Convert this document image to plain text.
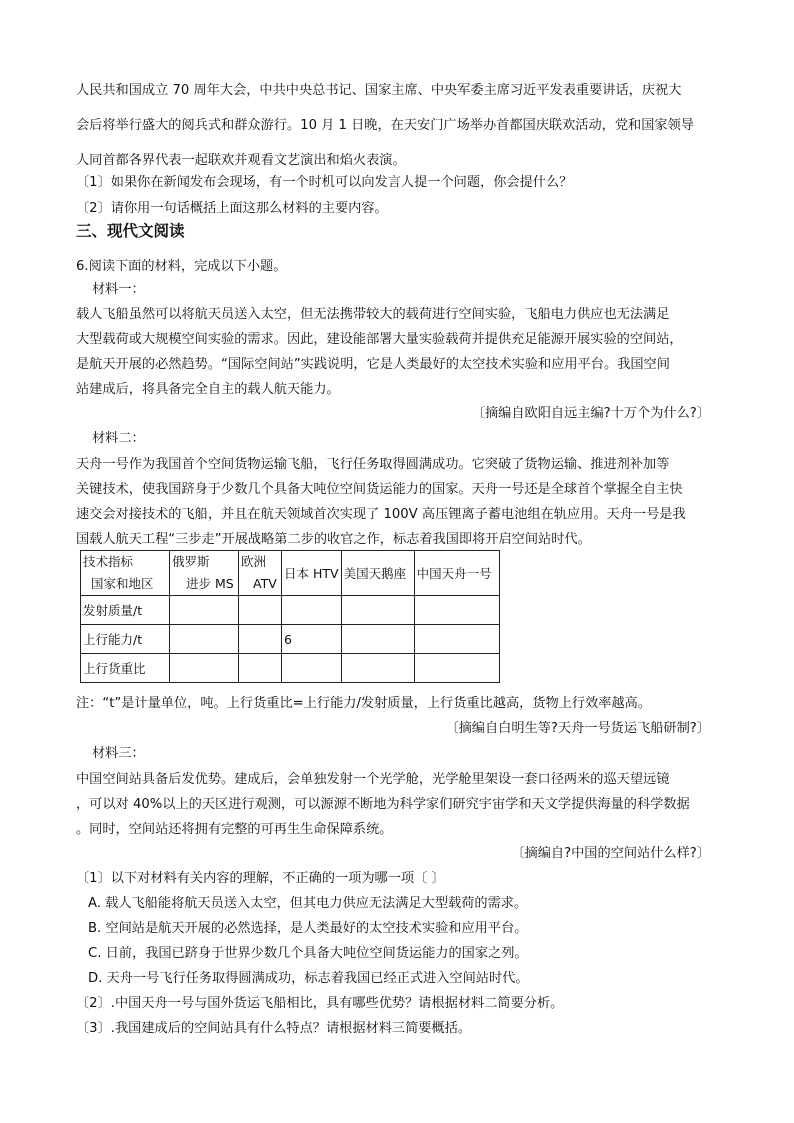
人民共和国成立 70 周年大会，中共中央总书记、国家主席、中央军委主席习近平发表重要讲话，庆祝大
会后将举行盛大的阅兵式和群众游行。10 月 1 日晚，在天安门广场举办首都国庆联欢活动，党和国家领导
人同首都各界代表一起联欢并观看文艺演出和焰火表演。
〔1〕如果你在新闻发布会现场，有一个时机可以向发言人提一个问题，你会提什么？
〔2〕请你用一句话概括上面这那么材料的主要内容。
三、现代文阅读
6.阅读下面的材料，完成以下小题。
材料一：
载人飞船虽然可以将航天员送入太空，但无法携带较大的载荷进行空间实验，飞船电力供应也无法满足
大型载荷或大规模空间实验的需求。因此，建设能部署大量实验载荷并提供充足能源开展实验的空间站，
是航天开展的必然趋势。“国际空间站”实践说明，它是人类最好的太空技术实验和应用平台。我国空间
站建成后，将具备完全自主的载人航天能力。
〔摘编自欧阳自远主编?十万个为什么?〕
材料二：
天舟一号作为我国首个空间货物运输飞船，飞行任务取得圆满成功。它突破了货物运输、推进剂补加等
关键技术，使我国跻身于少数几个具备大吨位空间货运能力的国家。天舟一号还是全球首个掌握全自主快
速交会对接技术的飞船，并且在航天领域首次实现了 100V 高压锂离子蓄电池组在轨应用。天舟一号是我
国载人航天工程“三步走”开展战略第二步的收官之作，标志着我国即将开启空间站时代。
技术指标
国家和地区	俄罗斯
进步 MS	欧洲
ATV	日本 HTV	美国天鹅座	中国天舟一号
发射质量/t					
上行能力/t			6		
上行货重比					
注：“t”是计量单位，吨。上行货重比=上行能力/发射质量，上行货重比越高，货物上行效率越高。
〔摘编自白明生等?天舟一号货运飞船研制?〕
材料三：
中国空间站具备后发优势。建成后，会单独发射一个光学舱，光学舱里架设一套口径两米的巡天望远镜
，可以对 40%以上的天区进行观测，可以源源不断地为科学家们研究宇宙学和天文学提供海量的科学数据
。同时，空间站还将拥有完整的可再生生命保障系统。
〔摘编自?中国的空间站什么样?〕
〔1〕以下对材料有关内容的理解，不正确的一项为哪一项〔 〕
A. 载人飞船能将航天员送入太空，但其电力供应无法满足大型载荷的需求。
B. 空间站是航天开展的必然选择，是人类最好的太空技术实验和应用平台。
C. 日前，我国已跻身于世界少数几个具备大吨位空间货运能力的国家之列。
D. 天舟一号飞行任务取得圆满成功，标志着我国已经正式进入空间站时代。
〔2〕.中国天舟一号与国外货运飞船相比，具有哪些优势？请根据材料二简要分析。
〔3〕.我国建成后的空间站具有什么特点？请根据材料三简要概括。
